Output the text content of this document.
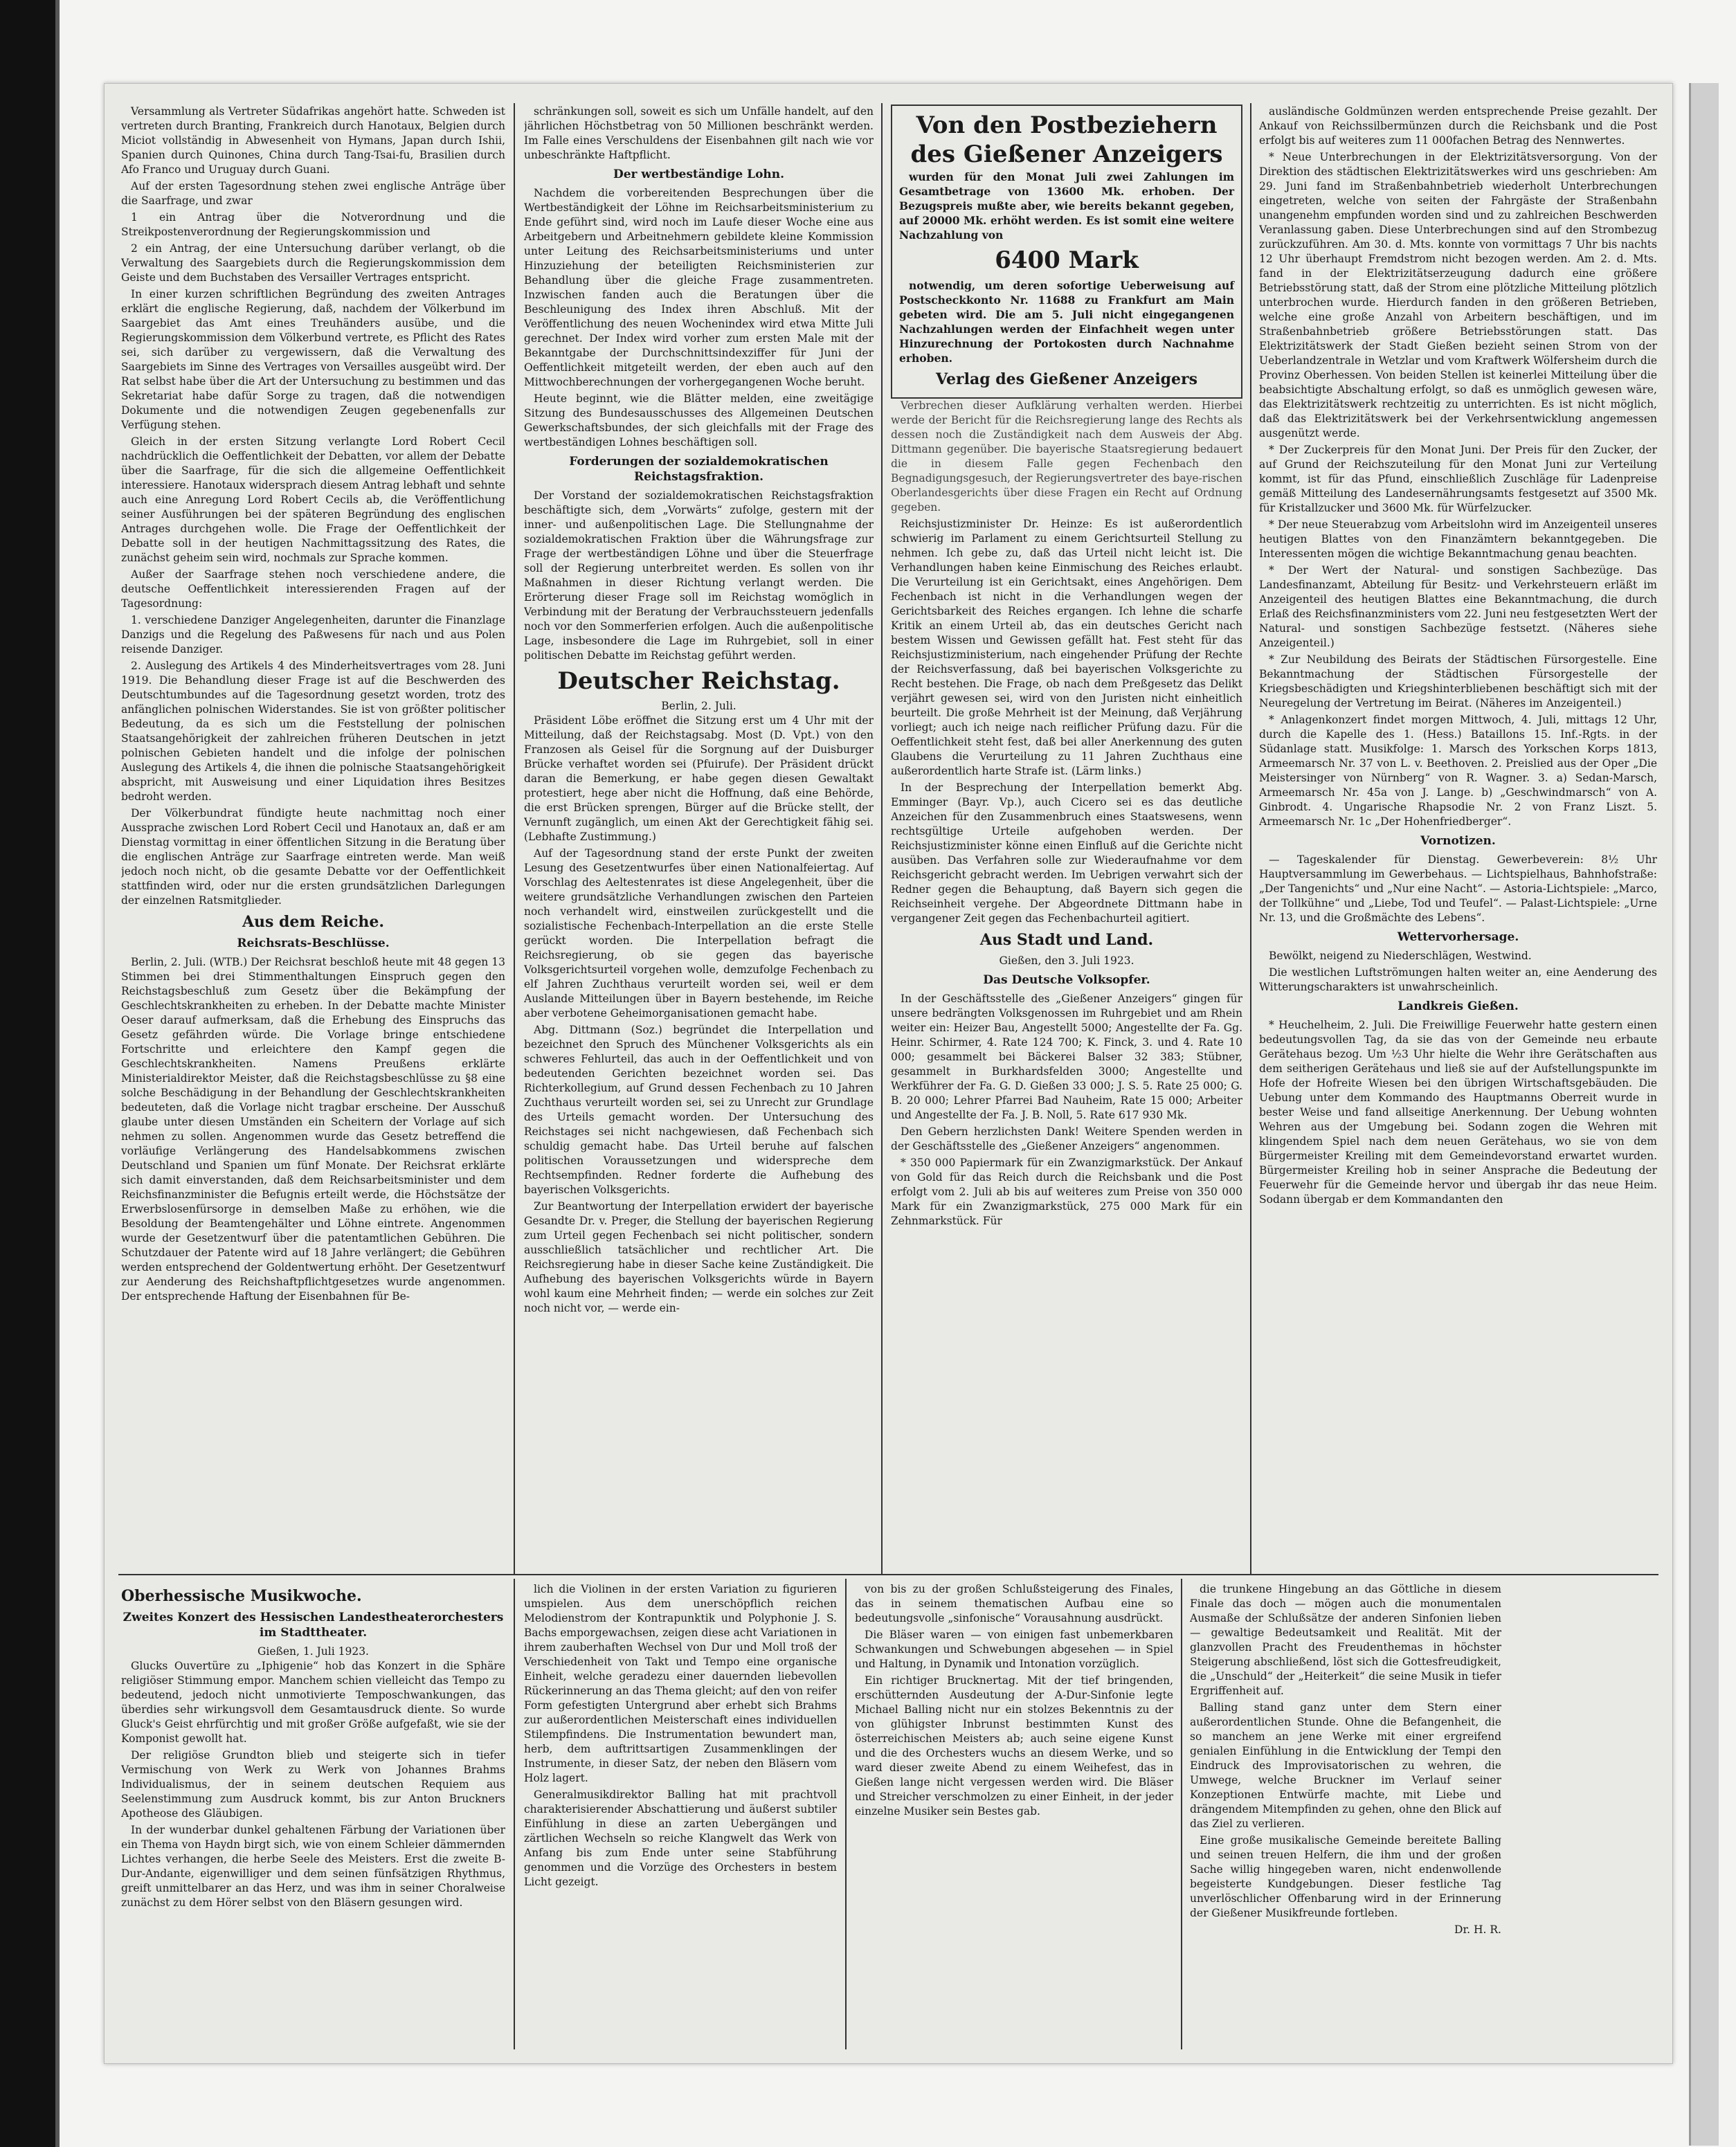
Versammlung als Vertreter Südafrikas angehört hatte. Schweden ist vertreten durch Branting, Frankreich durch Hanotaux, Belgien durch Miciot vollständig in Abwesenheit von Hymans, Japan durch Ishii, Spanien durch Quinones, China durch Tang-Tsai-fu, Brasilien durch Afo Franco und Uruguay durch Guani.

Auf der ersten Tagesordnung stehen zwei englische Anträge über die Saarfrage, und zwar

1 ein Antrag über die Notverordnung und die Streikpostenverordnung der Regierungskommission und

2 ein Antrag, der eine Untersuchung darüber verlangt, ob die Verwaltung des Saargebiets durch die Regierungskommission dem Geiste und dem Buchstaben des Versailler Vertrages entspricht.

In einer kurzen schriftlichen Begründung des zweiten Antrages erklärt die englische Regierung, daß, nachdem der Völkerbund im Saargebiet das Amt eines Treuhänders ausübe, und die Regierungskommission dem Völkerbund vertrete, es Pflicht des Rates sei, sich darüber zu vergewissern, daß die Verwaltung des Saargebiets im Sinne des Vertrages von Versailles ausgeübt wird. Der Rat selbst habe über die Art der Untersuchung zu bestimmen und das Sekretariat habe dafür Sorge zu tragen, daß die notwendigen Dokumente und die notwendigen Zeugen gegebenenfalls zur Verfügung stehen.

Gleich in der ersten Sitzung verlangte Lord Robert Cecil nachdrücklich die Oeffentlichkeit der Debatten, vor allem der Debatte über die Saarfrage, für die sich die allgemeine Oeffentlichkeit interessiere. Hanotaux widersprach diesem Antrag lebhaft und sehnte auch eine Anregung Lord Robert Cecils ab, die Veröffentlichung seiner Ausführungen bei der späteren Begründung des englischen Antrages durchgehen wolle. Die Frage der Oeffentlichkeit der Debatte soll in der heutigen Nachmittagssitzung des Rates, die zunächst geheim sein wird, nochmals zur Sprache kommen.

Außer der Saarfrage stehen noch verschiedene andere, die deutsche Oeffentlichkeit interessierenden Fragen auf der Tagesordnung:

1. verschiedene Danziger Angelegenheiten, darunter die Finanzlage Danzigs und die Regelung des Paßwesens für nach und aus Polen reisende Danziger.

2. Auslegung des Artikels 4 des Minderheitsvertrages vom 28. Juni 1919. Die Behandlung dieser Frage ist auf die Beschwerden des Deutschtumbundes auf die Tagesordnung gesetzt worden, trotz des anfänglichen polnischen Widerstandes. Sie ist von größter politischer Bedeutung, da es sich um die Feststellung der polnischen Staatsangehörigkeit der zahlreichen früheren Deutschen in jetzt polnischen Gebieten handelt und die infolge der polnischen Auslegung des Artikels 4, die ihnen die polnische Staatsangehörigkeit abspricht, mit Ausweisung und einer Liquidation ihres Besitzes bedroht werden.

Der Völkerbundrat fündigte heute nachmittag noch einer Aussprache zwischen Lord Robert Cecil und Hanotaux an, daß er am Dienstag vormittag in einer öffentlichen Sitzung in die Beratung über die englischen Anträge zur Saarfrage eintreten werde. Man weiß jedoch noch nicht, ob die gesamte Debatte vor der Oeffentlichkeit stattfinden wird, oder nur die ersten grundsätzlichen Darlegungen der einzelnen Ratsmitglieder.

Aus dem Reiche.
Reichsrats-Beschlüsse.

Berlin, 2. Juli. (WTB.) Der Reichsrat beschloß heute mit 48 gegen 13 Stimmen bei drei Stimmenthaltungen Einspruch gegen den Reichstagsbeschluß zum Gesetz über die Bekämpfung der Geschlechtskrankheiten zu erheben. In der Debatte machte Minister Oeser darauf aufmerksam, daß die Erhebung des Einspruchs das Gesetz gefährden würde. Die Vorlage bringe entschiedene Fortschritte und erleichtere den Kampf gegen die Geschlechtskrankheiten. Namens Preußens erklärte Ministerialdirektor Meister, daß die Reichstagsbeschlüsse zu §8 eine solche Beschädigung in der Behandlung der Geschlechtskrankheiten bedeuteten, daß die Vorlage nicht tragbar erscheine. Der Ausschuß glaube unter diesen Umständen ein Scheitern der Vorlage auf sich nehmen zu sollen. Angenommen wurde das Gesetz betreffend die vorläufige Verlängerung des Handelsabkommens zwischen Deutschland und Spanien um fünf Monate. Der Reichsrat erklärte sich damit einverstanden, daß dem Reichsarbeitsminister und dem Reichsfinanzminister die Befugnis erteilt werde, die Höchstsätze der Erwerbslosenfürsorge in demselben Maße zu erhöhen, wie die Besoldung der Beamtengehälter und Löhne eintrete. Angenommen wurde der Gesetzentwurf über die patentamtlichen Gebühren. Die Schutzdauer der Patente wird auf 18 Jahre verlängert; die Gebühren werden entsprechend der Goldentwertung erhöht. Der Gesetzentwurf zur Aenderung des Reichshaftpflichtgesetzes wurde angenommen. Der entsprechende Haftung der Eisenbahnen für Be-

schränkungen soll, soweit es sich um Unfälle handelt, auf den jährlichen Höchstbetrag von 50 Millionen beschränkt werden. Im Falle eines Verschuldens der Eisenbahnen gilt nach wie vor unbeschränkte Haftpflicht.

Der wertbeständige Lohn.

Nachdem die vorbereitenden Besprechungen über die Wertbeständigkeit der Löhne im Reichsarbeitsministerium zu Ende geführt sind, wird noch im Laufe dieser Woche eine aus Arbeitgebern und Arbeitnehmern gebildete kleine Kommission unter Leitung des Reichsarbeitsministeriums und unter Hinzuziehung der beteiligten Reichsministerien zur Behandlung über die gleiche Frage zusammentreten. Inzwischen fanden auch die Beratungen über die Beschleunigung des Index ihren Abschluß. Mit der Veröffentlichung des neuen Wochenindex wird etwa Mitte Juli gerechnet. Der Index wird vorher zum ersten Male mit der Bekanntgabe der Durchschnittsindexziffer für Juni der Oeffentlichkeit mitgeteilt werden, der eben auch auf den Mittwochberechnungen der vorhergegangenen Woche beruht.

Heute beginnt, wie die Blätter melden, eine zweitägige Sitzung des Bundesausschusses des Allgemeinen Deutschen Gewerkschaftsbundes, der sich gleichfalls mit der Frage des wertbeständigen Lohnes beschäftigen soll.

Forderungen der sozialdemokratischen Reichstagsfraktion.

Der Vorstand der sozialdemokratischen Reichstagsfraktion beschäftigte sich, dem „Vorwärts“ zufolge, gestern mit der inner- und außenpolitischen Lage. Die Stellungnahme der sozialdemokratischen Fraktion über die Währungsfrage zur Frage der wertbeständigen Löhne und über die Steuerfrage soll der Regierung unterbreitet werden. Es sollen von ihr Maßnahmen in dieser Richtung verlangt werden. Die Erörterung dieser Frage soll im Reichstag womöglich in Verbindung mit der Beratung der Verbrauchssteuern jedenfalls noch vor den Sommerferien erfolgen. Auch die außenpolitische Lage, insbesondere die Lage im Ruhrgebiet, soll in einer politischen Debatte im Reichstag geführt werden.

Deutscher Reichstag.
Berlin, 2. Juli.

Präsident Löbe eröffnet die Sitzung erst um 4 Uhr mit der Mitteilung, daß der Reichstagsabg. Most (D. Vpt.) von den Franzosen als Geisel für die Sorgnung auf der Duisburger Brücke verhaftet worden sei (Pfuirufe). Der Präsident drückt daran die Bemerkung, er habe gegen diesen Gewaltakt protestiert, hege aber nicht die Hoffnung, daß eine Behörde, die erst Brücken sprengen, Bürger auf die Brücke stellt, der Vernunft zugänglich, um einen Akt der Gerechtigkeit fähig sei. (Lebhafte Zustimmung.)

Auf der Tagesordnung stand der erste Punkt der zweiten Lesung des Gesetzentwurfes über einen Nationalfeiertag. Auf Vorschlag des Aeltestenrates ist diese Angelegenheit, über die weitere grundsätzliche Verhandlungen zwischen den Parteien noch verhandelt wird, einstweilen zurückgestellt und die sozialistische Fechenbach-Interpellation an die erste Stelle gerückt worden. Die Interpellation befragt die Reichsregierung, ob sie gegen das bayerische Volksgerichtsurteil vorgehen wolle, demzufolge Fechenbach zu elf Jahren Zuchthaus verurteilt worden sei, weil er dem Auslande Mitteilungen über in Bayern bestehende, im Reiche aber verbotene Geheimorganisationen gemacht habe.

Abg. Dittmann (Soz.) begründet die Interpellation und bezeichnet den Spruch des Münchener Volksgerichts als ein schweres Fehlurteil, das auch in der Oeffentlichkeit und von bedeutenden Gerichten bezeichnet worden sei. Das Richterkollegium, auf Grund dessen Fechenbach zu 10 Jahren Zuchthaus verurteilt worden sei, sei zu Unrecht zur Grundlage des Urteils gemacht worden. Der Untersuchung des Reichstages sei nicht nachgewiesen, daß Fechenbach sich schuldig gemacht habe. Das Urteil beruhe auf falschen politischen Voraussetzungen und widerspreche dem Rechtsempfinden. Redner forderte die Aufhebung des bayerischen Volksgerichts.

Zur Beantwortung der Interpellation erwidert der bayerische Gesandte Dr. v. Preger, die Stellung der bayerischen Regierung zum Urteil gegen Fechenbach sei nicht politischer, sondern ausschließlich tatsächlicher und rechtlicher Art. Die Reichsregierung habe in dieser Sache keine Zuständigkeit. Die Aufhebung des bayerischen Volksgerichts würde in Bayern wohl kaum eine Mehrheit finden; — werde ein solches zur Zeit noch nicht vor, — werde ein-

Von den Postbeziehern
des Gießener Anzeigers

wurden für den Monat Juli zwei Zahlungen im Gesamtbetrage von 13600 Mk. erhoben. Der Bezugspreis mußte aber, wie bereits bekannt gegeben, auf 20000 Mk. erhöht werden. Es ist somit eine weitere Nachzahlung von

6400 Mark

notwendig, um deren sofortige Ueberweisung auf Postscheckkonto Nr. 11688 zu Frankfurt am Main gebeten wird. Die am 5. Juli nicht eingegangenen Nachzahlungen werden der Einfachheit wegen unter Hinzurechnung der Portokosten durch Nachnahme erhoben.

Verlag des Gießener Anzeigers

Verbrechen dieser Aufklärung verhalten werden. Hierbei werde der Bericht für die Reichsregierung lange des Rechts als dessen noch die Zuständigkeit nach dem Ausweis der Abg. Dittmann gegenüber. Die bayerische Staatsregierung bedauert die in diesem Falle gegen Fechenbach den Begnadigungsgesuch, der Regierungsvertreter des baye-rischen Oberlandesgerichts über diese Fragen ein Recht auf Ordnung gegeben.

Reichsjustizminister Dr. Heinze: Es ist außerordentlich schwierig im Parlament zu einem Gerichtsurteil Stellung zu nehmen. Ich gebe zu, daß das Urteil nicht leicht ist. Die Verhandlungen haben keine Einmischung des Reiches erlaubt. Die Verurteilung ist ein Gerichtsakt, eines Angehörigen. Dem Fechenbach ist nicht in die Verhandlungen wegen der Gerichtsbarkeit des Reiches ergangen. Ich lehne die scharfe Kritik an einem Urteil ab, das ein deutsches Gericht nach bestem Wissen und Gewissen gefällt hat. Fest steht für das Reichsjustizministerium, nach eingehender Prüfung der Rechte der Reichsverfassung, daß bei bayerischen Volksgerichte zu Recht bestehen. Die Frage, ob nach dem Preßgesetz das Delikt verjährt gewesen sei, wird von den Juristen nicht einheitlich beurteilt. Die große Mehrheit ist der Meinung, daß Verjährung vorliegt; auch ich neige nach reiflicher Prüfung dazu. Für die Oeffentlichkeit steht fest, daß bei aller Anerkennung des guten Glaubens die Verurteilung zu 11 Jahren Zuchthaus eine außerordentlich harte Strafe ist. (Lärm links.)

In der Besprechung der Interpellation bemerkt Abg. Emminger (Bayr. Vp.), auch Cicero sei es das deutliche Anzeichen für den Zusammenbruch eines Staatswesens, wenn rechtsgültige Urteile aufgehoben werden. Der Reichsjustizminister könne einen Einfluß auf die Gerichte nicht ausüben. Das Verfahren solle zur Wiederaufnahme vor dem Reichsgericht gebracht werden. Im Uebrigen verwahrt sich der Redner gegen die Behauptung, daß Bayern sich gegen die Reichseinheit vergehe. Der Abgeordnete Dittmann habe in vergangener Zeit gegen das Fechenbachurteil agitiert.

Aus Stadt und Land.
Gießen, den 3. Juli 1923.
Das Deutsche Volksopfer.

In der Geschäftsstelle des „Gießener Anzeigers“ gingen für unsere bedrängten Volksgenossen im Ruhrgebiet und am Rhein weiter ein: Heizer Bau, Angestellt 5000; Angestellte der Fa. Gg. Heinr. Schirmer, 4. Rate 124 700; K. Finck, 3. und 4. Rate 10 000; gesammelt bei Bäckerei Balser 32 383; Stübner, gesammelt in Burkhardsfelden 3000; Angestellte und Werkführer der Fa. G. D. Gießen 33 000; J. S. 5. Rate 25 000; G. B. 20 000; Lehrer Pfarrei Bad Nauheim, Rate 15 000; Arbeiter und Angestellte der Fa. J. B. Noll, 5. Rate 617 930 Mk.

Den Gebern herzlichsten Dank! Weitere Spenden werden in der Geschäftsstelle des „Gießener Anzeigers“ angenommen.

* 350 000 Papiermark für ein Zwanzigmarkstück. Der Ankauf von Gold für das Reich durch die Reichsbank und die Post erfolgt vom 2. Juli ab bis auf weiteres zum Preise von 350 000 Mark für ein Zwanzigmarkstück, 275 000 Mark für ein Zehnmarkstück. Für

ausländische Goldmünzen werden entsprechende Preise gezahlt. Der Ankauf von Reichssilbermünzen durch die Reichsbank und die Post erfolgt bis auf weiteres zum 11 000fachen Betrag des Nennwertes.

* Neue Unterbrechungen in der Elektrizitätsversorgung. Von der Direktion des städtischen Elektrizitätswerkes wird uns geschrieben: Am 29. Juni fand im Straßenbahnbetrieb wiederholt Unterbrechungen eingetreten, welche von seiten der Fahrgäste der Straßenbahn unangenehm empfunden worden sind und zu zahlreichen Beschwerden Veranlassung gaben. Diese Unterbrechungen sind auf den Strombezug zurückzuführen. Am 30. d. Mts. konnte von vormittags 7 Uhr bis nachts 12 Uhr überhaupt Fremdstrom nicht bezogen werden. Am 2. d. Mts. fand in der Elektrizitätserzeugung dadurch eine größere Betriebsstörung statt, daß der Strom eine plötzliche Mitteilung plötzlich unterbrochen wurde. Hierdurch fanden in den größeren Betrieben, welche eine große Anzahl von Arbeitern beschäftigen, und im Straßenbahnbetrieb größere Betriebsstörungen statt. Das Elektrizitätswerk der Stadt Gießen bezieht seinen Strom von der Ueberlandzentrale in Wetzlar und vom Kraftwerk Wölfersheim durch die Provinz Oberhessen. Von beiden Stellen ist keinerlei Mitteilung über die beabsichtigte Abschaltung erfolgt, so daß es unmöglich gewesen wäre, das Elektrizitätswerk rechtzeitig zu unterrichten. Es ist nicht möglich, daß das Elektrizitätswerk bei der Verkehrsentwicklung angemessen ausgenützt werde.

* Der Zuckerpreis für den Monat Juni. Der Preis für den Zucker, der auf Grund der Reichszuteilung für den Monat Juni zur Verteilung kommt, ist für das Pfund, einschließlich Zuschläge für Ladenpreise gemäß Mitteilung des Landesernährungsamts festgesetzt auf 3500 Mk. für Kristallzucker und 3600 Mk. für Würfelzucker.

* Der neue Steuerabzug vom Arbeitslohn wird im Anzeigenteil unseres heutigen Blattes von den Finanzämtern bekanntgegeben. Die Interessenten mögen die wichtige Bekanntmachung genau beachten.

* Der Wert der Natural- und sonstigen Sachbezüge. Das Landesfinanzamt, Abteilung für Besitz- und Verkehrsteuern erläßt im Anzeigenteil des heutigen Blattes eine Bekanntmachung, die durch Erlaß des Reichsfinanzministers vom 22. Juni neu festgesetzten Wert der Natural- und sonstigen Sachbezüge festsetzt. (Näheres siehe Anzeigenteil.)

* Zur Neubildung des Beirats der Städtischen Fürsorgestelle. Eine Bekanntmachung der Städtischen Fürsorgestelle der Kriegsbeschädigten und Kriegshinterbliebenen beschäftigt sich mit der Neuregelung der Vertretung im Beirat. (Näheres im Anzeigenteil.)

* Anlagenkonzert findet morgen Mittwoch, 4. Juli, mittags 12 Uhr, durch die Kapelle des 1. (Hess.) Bataillons 15. Inf.-Rgts. in der Südanlage statt. Musikfolge: 1. Marsch des Yorkschen Korps 1813, Armeemarsch Nr. 37 von L. v. Beethoven. 2. Preislied aus der Oper „Die Meistersinger von Nürnberg“ von R. Wagner. 3. a) Sedan-Marsch, Armeemarsch Nr. 45a von J. Lange. b) „Geschwindmarsch“ von A. Ginbrodt. 4. Ungarische Rhapsodie Nr. 2 von Franz Liszt. 5. Armeemarsch Nr. 1c „Der Hohenfriedberger“.

Vornotizen.

— Tageskalender für Dienstag. Gewerbeverein: 8½ Uhr Hauptversammlung im Gewerbehaus. — Lichtspielhaus, Bahnhofstraße: „Der Tangenichts“ und „Nur eine Nacht“. — Astoria-Lichtspiele: „Marco, der Tollkühne“ und „Liebe, Tod und Teufel“. — Palast-Lichtspiele: „Urne Nr. 13, und die Großmächte des Lebens“.

Wettervorhersage.

Bewölkt, neigend zu Niederschlägen, Westwind.

Die westlichen Luftströmungen halten weiter an, eine Aenderung des Witterungscharakters ist unwahrscheinlich.

Landkreis Gießen.

* Heuchelheim, 2. Juli. Die Freiwillige Feuerwehr hatte gestern einen bedeutungsvollen Tag, da sie das von der Gemeinde neu erbaute Gerätehaus bezog. Um ½3 Uhr hielte die Wehr ihre Gerätschaften aus dem seitherigen Gerätehaus und ließ sie auf der Aufstellungspunkte im Hofe der Hofreite Wiesen bei den übrigen Wirtschaftsgebäuden. Die Uebung unter dem Kommando des Hauptmanns Oberreit wurde in bester Weise und fand allseitige Anerkennung. Der Uebung wohnten Wehren aus der Umgebung bei. Sodann zogen die Wehren mit klingendem Spiel nach dem neuen Gerätehaus, wo sie von dem Bürgermeister Kreiling mit dem Gemeindevorstand erwartet wurden. Bürgermeister Kreiling hob in seiner Ansprache die Bedeutung der Feuerwehr für die Gemeinde hervor und übergab ihr das neue Heim. Sodann übergab er dem Kommandanten den

Oberhessische Musikwoche.
Zweites Konzert des Hessischen Landestheaterorchesters im Stadttheater.
Gießen, 1. Juli 1923.

Glucks Ouvertüre zu „Iphigenie“ hob das Konzert in die Sphäre religiöser Stimmung empor. Manchem schien vielleicht das Tempo zu bedeutend, jedoch nicht unmotivierte Temposchwankungen, das überdies sehr wirkungsvoll dem Gesamtausdruck diente. So wurde Gluck's Geist ehrfürchtig und mit großer Größe aufgefaßt, wie sie der Komponist gewollt hat.

Der religiöse Grundton blieb und steigerte sich in tiefer Vermischung von Werk zu Werk von Johannes Brahms Individualismus, der in seinem deutschen Requiem aus Seelenstimmung zum Ausdruck kommt, bis zur Anton Bruckners Apotheose des Gläubigen.

In der wunderbar dunkel gehaltenen Färbung der Variationen über ein Thema von Haydn birgt sich, wie von einem Schleier dämmernden Lichtes verhangen, die herbe Seele des Meisters. Erst die zweite B-Dur-Andante, eigenwilliger und dem seinen fünfsätzigen Rhythmus, greift unmittelbarer an das Herz, und was ihm in seiner Choralweise zunächst zu dem Hörer selbst von den Bläsern gesungen wird.

lich die Violinen in der ersten Variation zu figurieren umspielen. Aus dem unerschöpflich reichen Melodienstrom der Kontrapunktik und Polyphonie J. S. Bachs emporgewachsen, zeigen diese acht Variationen in ihrem zauberhaften Wechsel von Dur und Moll troß der Verschiedenheit von Takt und Tempo eine organische Einheit, welche geradezu einer dauernden liebevollen Rückerinnerung an das Thema gleicht; auf den von reifer Form gefestigten Untergrund aber erhebt sich Brahms zur außerordentlichen Meisterschaft eines individuellen Stilempfindens. Die Instrumentation bewundert man, herb, dem auftrittsartigen Zusammenklingen der Instrumente, in dieser Satz, der neben den Bläsern vom Holz lagert.

Generalmusikdirektor Balling hat mit prachtvoll charakterisierender Abschattierung und äußerst subtiler Einfühlung in diese an zarten Uebergängen und zärtlichen Wechseln so reiche Klangwelt das Werk von Anfang bis zum Ende unter seine Stabführung genommen und die Vorzüge des Orchesters in bestem Licht gezeigt.

von bis zu der großen Schlußsteigerung des Finales, das in seinem thematischen Aufbau eine so bedeutungsvolle „sinfonische“ Vorausahnung ausdrückt.

Die Bläser waren — von einigen fast unbemerkbaren Schwankungen und Schwebungen abgesehen — in Spiel und Haltung, in Dynamik und Intonation vorzüglich.

Ein richtiger Brucknertag. Mit der tief bringenden, erschütternden Ausdeutung der A-Dur-Sinfonie legte Michael Balling nicht nur ein stolzes Bekenntnis zu der von glühigster Inbrunst bestimmten Kunst des österreichischen Meisters ab; auch seine eigene Kunst und die des Orchesters wuchs an diesem Werke, und so ward dieser zweite Abend zu einem Weihefest, das in Gießen lange nicht vergessen werden wird. Die Bläser und Streicher verschmolzen zu einer Einheit, in der jeder einzelne Musiker sein Bestes gab.

die trunkene Hingebung an das Göttliche in diesem Finale das doch — mögen auch die monumentalen Ausmaße der Schlußsätze der anderen Sinfonien lieben — gewaltige Bedeutsamkeit und Realität. Mit der glanzvollen Pracht des Freudenthemas in höchster Steigerung abschließend, löst sich die Gottesfreudigkeit, die „Unschuld“ der „Heiterkeit“ die seine Musik in tiefer Ergriffenheit auf.

Balling stand ganz unter dem Stern einer außerordentlichen Stunde. Ohne die Befangenheit, die so manchem an jene Werke mit einer ergreifend genialen Einfühlung in die Entwicklung der Tempi den Eindruck des Improvisatorischen zu wehren, die Umwege, welche Bruckner im Verlauf seiner Konzeptionen Entwürfe machte, mit Liebe und drängendem Mitempfinden zu gehen, ohne den Blick auf das Ziel zu verlieren.

Eine große musikalische Gemeinde bereitete Balling und seinen treuen Helfern, die ihm und der großen Sache willig hingegeben waren, nicht endenwollende begeisterte Kundgebungen. Dieser festliche Tag unverlöschlicher Offenbarung wird in der Erinnerung der Gießener Musikfreunde fortleben.

Dr. H. R.
